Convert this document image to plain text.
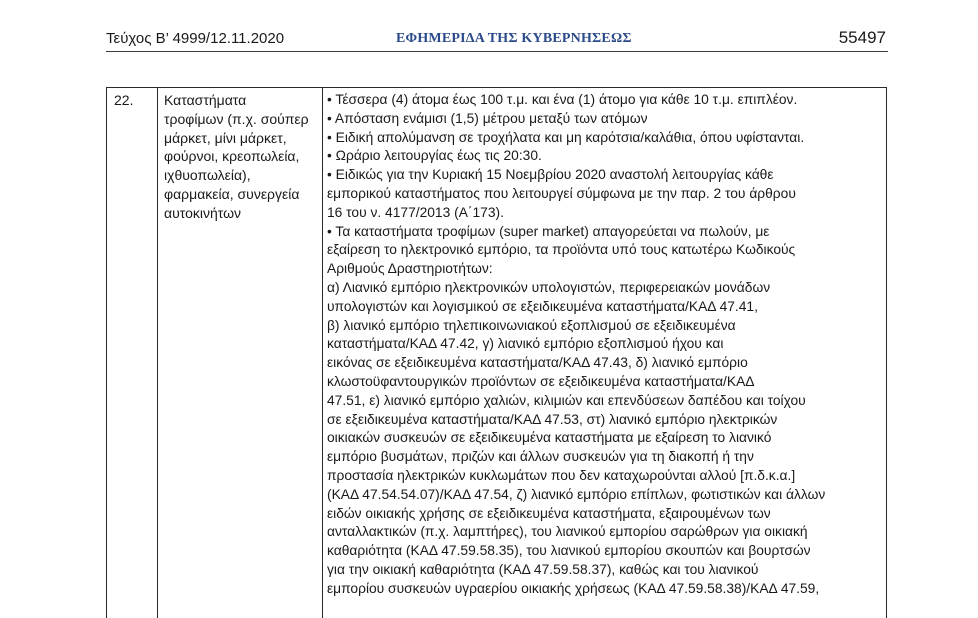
Τεύχος Β’ 4999/12.11.2020	ΕΦΗΜΕΡΙΔΑ ΤΗΣ ΚΥΒΕΡΝΗΣΕΩΣ	55497
22. Καταστήματα
τροφίμων (π.χ. σούπερ
μάρκετ, μίνι μάρκετ,
φούρνοι, κρεοπωλεία,
ιχθυοπωλεία),
φαρμακεία, συνεργεία
αυτοκινήτων
• Τέσσερα (4) άτομα έως 100 τ.μ. και ένα (1) άτομο για κάθε 10 τ.μ. επιπλέον.
• Απόσταση ενάμισι (1,5) μέτρου μεταξύ των ατόμων
• Ειδική απολύμανση σε τροχήλατα και μη καρότσια/καλάθια, όπου υφίστανται.
• Ωράριο λειτουργίας έως τις 20:30.
• Ειδικώς για την Κυριακή 15 Νοεμβρίου 2020 αναστολή λειτουργίας κάθε
εμπορικού καταστήματος που λειτουργεί σύμφωνα με την παρ. 2 του άρθρου
16 του ν. 4177/2013 (Α΄173).
• Τα καταστήματα τροφίμων (super market) απαγορεύεται να πωλούν, με
εξαίρεση το ηλεκτρονικό εμπόριο, τα προϊόντα υπό τους κατωτέρω Κωδικούς
Αριθμούς Δραστηριοτήτων:
α) Λιανικό εμπόριο ηλεκτρονικών υπολογιστών, περιφερειακών μονάδων
υπολογιστών και λογισμικού σε εξειδικευμένα καταστήματα/ΚΑΔ 47.41,
β) λιανικό εμπόριο τηλεπικοινωνιακού εξοπλισμού σε εξειδικευμένα
καταστήματα/ΚΑΔ 47.42, γ) λιανικό εμπόριο εξοπλισμού ήχου και
εικόνας σε εξειδικευμένα καταστήματα/ΚΑΔ 47.43, δ) λιανικό εμπόριο
κλωστοϋφαντουργικών προϊόντων σε εξειδικευμένα καταστήματα/ΚΑΔ
47.51, ε) λιανικό εμπόριο χαλιών, κιλιμιών και επενδύσεων δαπέδου και τοίχου
σε εξειδικευμένα καταστήματα/ΚΑΔ 47.53, στ) λιανικό εμπόριο ηλεκτρικών
οικιακών συσκευών σε εξειδικευμένα καταστήματα με εξαίρεση το λιανικό
εμπόριο βυσμάτων, πριζών και άλλων συσκευών για τη διακοπή ή την
προστασία ηλεκτρικών κυκλωμάτων που δεν καταχωρούνται αλλού [π.δ.κ.α.]
(ΚΑΔ 47.54.54.07)/ΚΑΔ 47.54, ζ) λιανικό εμπόριο επίπλων, φωτιστικών και άλλων
ειδών οικιακής χρήσης σε εξειδικευμένα καταστήματα, εξαιρουμένων των
ανταλλακτικών (π.χ. λαμπτήρες), του λιανικού εμπορίου σαρώθρων για οικιακή
καθαριότητα (ΚΑΔ 47.59.58.35), του λιανικού εμπορίου σκουπών και βουρτσών
για την οικιακή καθαριότητα (ΚΑΔ 47.59.58.37), καθώς και του λιανικού
εμπορίου συσκευών υγραερίου οικιακής χρήσεως (ΚΑΔ 47.59.58.38)/ΚΑΔ 47.59,
